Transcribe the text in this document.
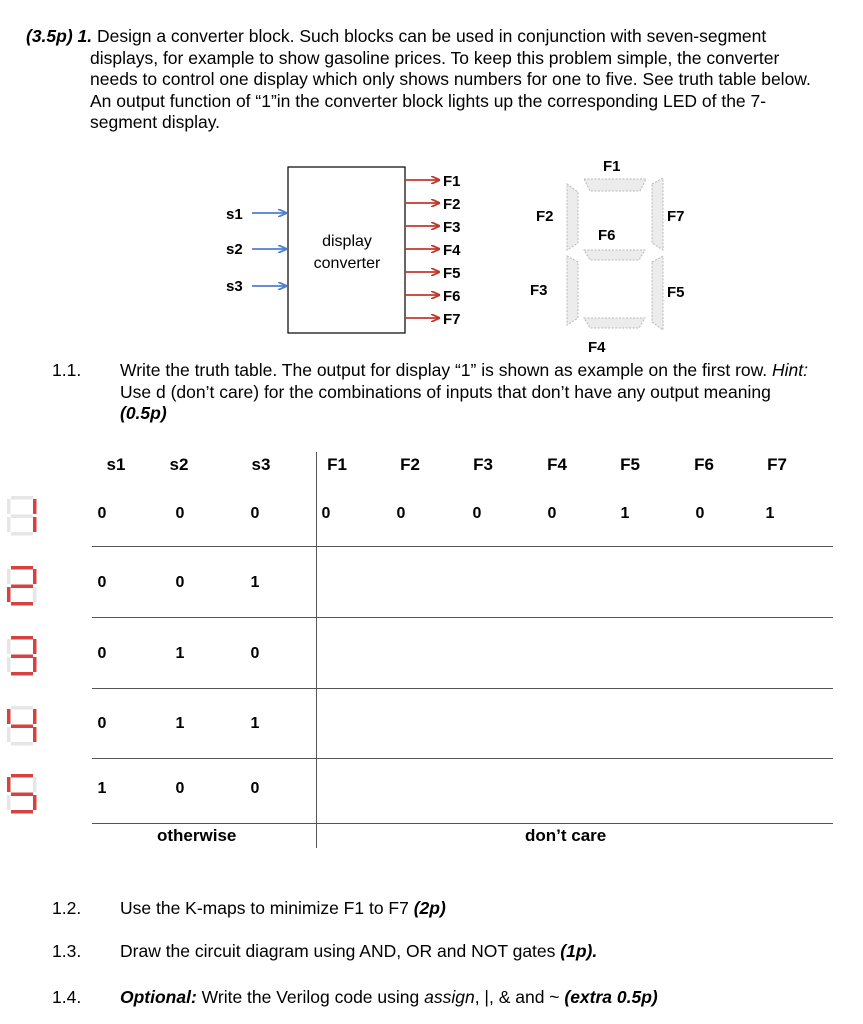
(3.5p) 1. Design a converter block. Such blocks can be used in conjunction with seven-segment displays, for example to show gasoline prices. To keep this problem simple, the converter needs to control one display which only shows numbers for one to five. See truth table below. An output function of “1”in the converter block lights up the corresponding LED of the 7-segment display.
s1
s2
s3
display
converter
F1
F2
F3
F4
F5
F6
F7
F1
F2	F7
F6
F3	F5
F4
1.1. Write the truth table. The output for display “1” is shown as example on the first row. Hint: Use d (don’t care) for the combinations of inputs that don’t have any output meaning (0.5p)
s1	s2	s3	F1	F2	F3	F4	F5	F6	F7
0	0	0	0	0	0	0	1	0	1
0	0	1
0	1	0
0	1	1
1	0	0
otherwise	don’t care
1.2. Use the K-maps to minimize F1 to F7 (2p)
1.3. Draw the circuit diagram using AND, OR and NOT gates (1p).
1.4. Optional: Write the Verilog code using assign, |, & and ~ (extra 0.5p)
